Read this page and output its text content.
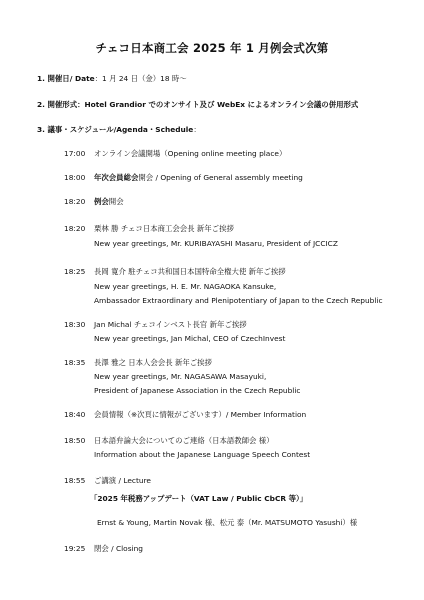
チェコ日本商工会 2025 年 1 月例会式次第
1. 開催日/ Date：1 月 24 日（金）18 時～
2. 開催形式：Hotel Grandior でのオンサイト及び WebEx によるオンライン会議の併用形式
3. 議事・スケジュール/Agenda・Schedule：
17:00 オンライン会議開場（Opening online meeting place）
18:00 年次会員総会開会 / Opening of General assembly meeting
18:20 例会開会
18:20 栗林 勝 チェコ日本商工会会長 新年ご挨拶
New year greetings, Mr. KURIBAYASHI Masaru, President of JCCICZ
18:25 長岡 寛介 駐チェコ共和国日本国特命全権大使 新年ご挨拶
New year greetings, H. E. Mr. NAGAOKA Kansuke,
Ambassador Extraordinary and Plenipotentiary of Japan to the Czech Republic
18:30 Jan Michal チェコインベスト長官 新年ご挨拶
New year greetings, Jan Michal, CEO of CzechInvest
18:35 長澤 雅之 日本人会会長 新年ご挨拶
New year greetings, Mr. NAGASAWA Masayuki,
President of Japanese Association in the Czech Republic
18:40 会員情報（※次頁に情報がございます）/ Member Information
18:50 日本語弁論大会についてのご連絡（日本語教師会 様）
Information about the Japanese Language Speech Contest
18:55 ご講演 / Lecture
「2025 年税務アップデート（VAT Law / Public CbCR 等）」
Ernst & Young, Martin Novak 様、松元 泰（Mr. MATSUMOTO Yasushi）様
19:25 閉会 / Closing
